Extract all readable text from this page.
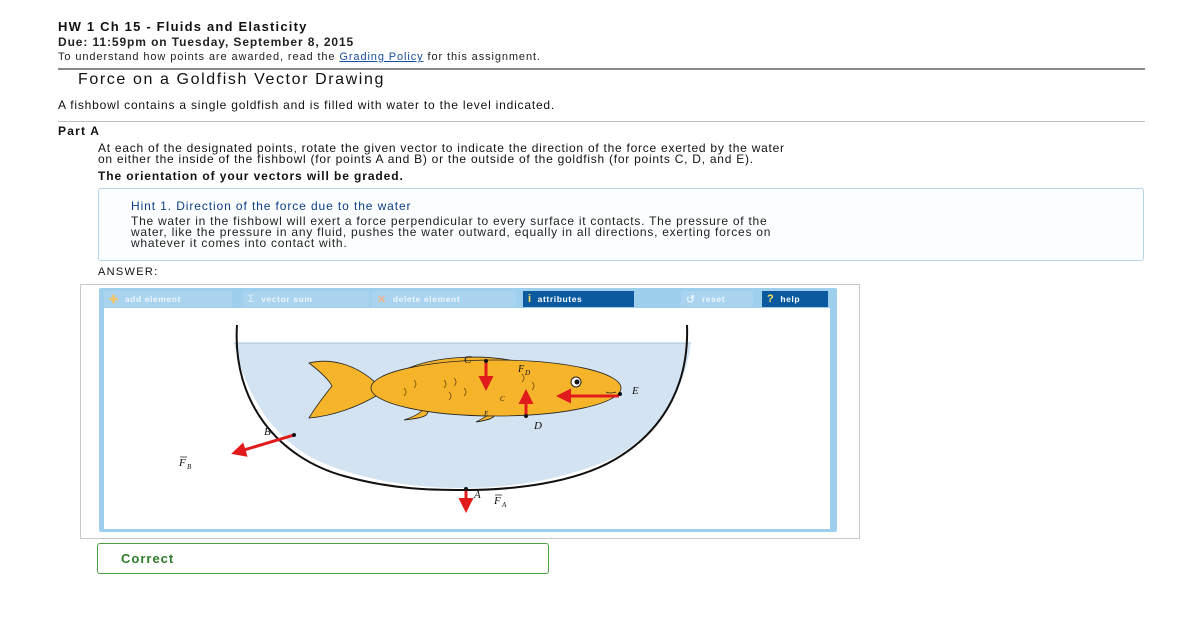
HW 1 Ch 15 - Fluids and Elasticity
Due: 11:59pm on Tuesday, September 8, 2015
To understand how points are awarded, read the Grading Policy for this assignment.
Force on a Goldfish Vector Drawing
A fishbowl contains a single goldfish and is filled with water to the level indicated.
Part A
At each of the designated points, rotate the given vector to indicate the direction of the force exerted by the water
on either the inside of the fishbowl (for points A and B) or the outside of the goldfish (for points C, D, and E).
The orientation of your vectors will be graded.
Hint 1. Direction of the force due to the water
The water in the fishbowl will exert a force perpendicular to every surface it contacts. The pressure of the
water, like the pressure in any fluid, pushes the water outward, equally in all directions, exerting forces on
whatever it comes into contact with.
ANSWER:
✚ add element	Σ vector sum	✕ delete element	i attributes	↺ reset	? help
A
B
C
D
E
F A
F B
F D
C
E
Correct
